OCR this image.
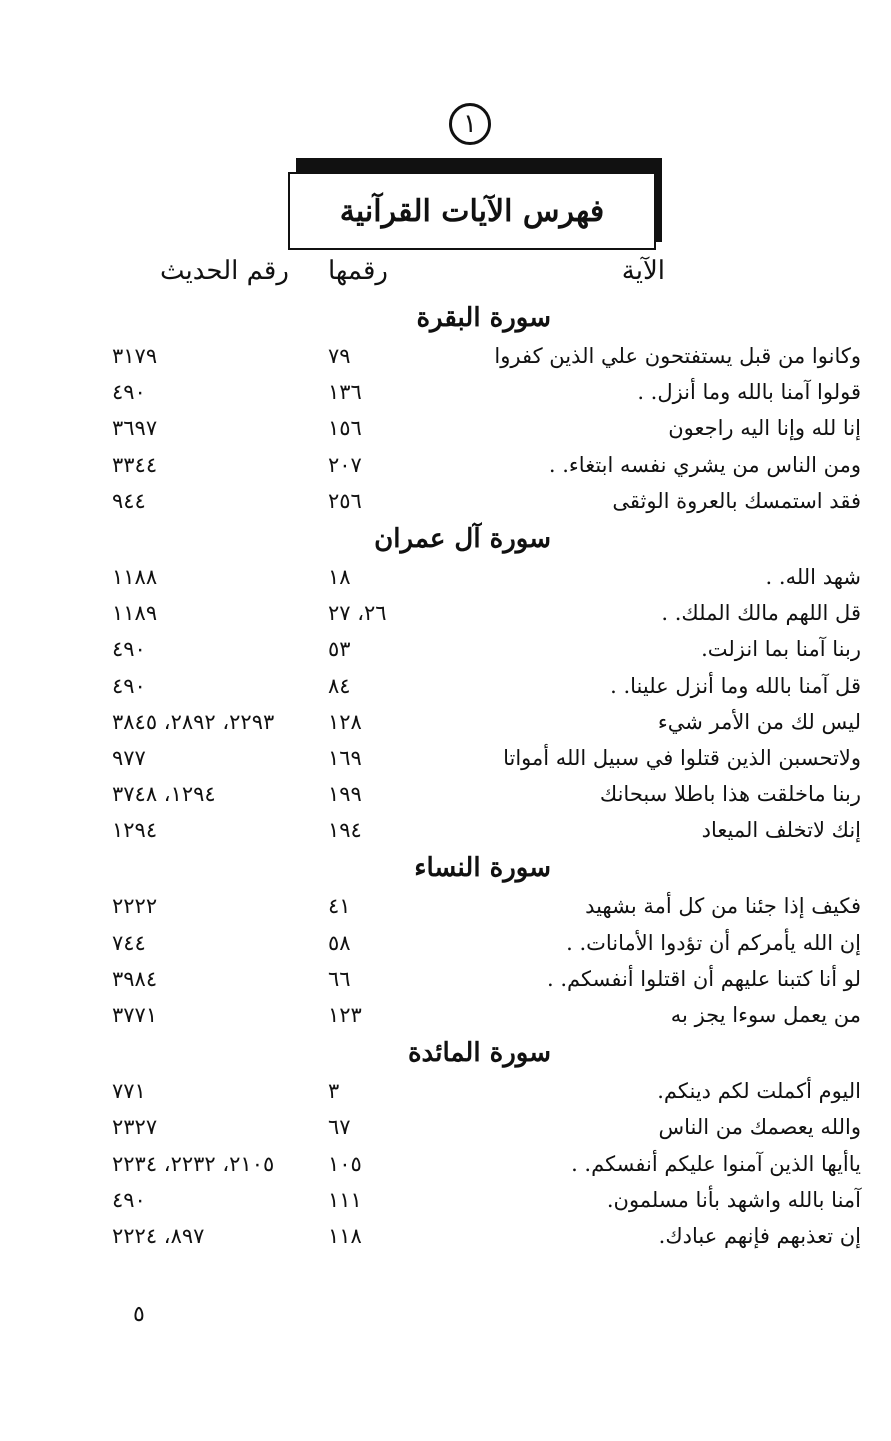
١
فهرس الآيات القرآنية
الآية
رقمها
رقم الحديث
سورة البقرة
وكانوا من قبل يستفتحون علي الذين كفروا
٧٩
٣١٧٩
قولوا آمنا بالله وما أنزل. .
١٣٦
٤٩٠
إنا لله وإنا اليه راجعون
١٥٦
٣٦٩٧
ومن الناس من يشري نفسه ابتغاء. .
٢٠٧
٣٣٤٤
فقد استمسك بالعروة الوثقى
٢٥٦
٩٤٤
سورة آل عمران
شهد الله. .
١٨
١١٨٨
قل اللهم مالك الملك. .
٢٦، ٢٧
١١٨٩
ربنا آمنا بما انزلت.
٥٣
٤٩٠
قل آمنا بالله وما أنزل علينا. .
٨٤
٤٩٠
ليس لك من الأمر شيء
١٢٨
٢٢٩٣، ٢٨٩٢، ٣٨٤٥
ولاتحسبن الذين قتلوا في سبيل الله أمواتا
١٦٩
٩٧٧
ربنا ماخلقت هذا باطلا سبحانك
١٩٩
١٢٩٤، ٣٧٤٨
إنك لاتخلف الميعاد
١٩٤
١٢٩٤
سورة النساء
فكيف إذا جئنا من كل أمة بشهيد
٤١
٢٢٢٢
إن الله يأمركم أن تؤدوا الأمانات. .
٥٨
٧٤٤
لو أنا كتبنا عليهم أن اقتلوا أنفسكم. .
٦٦
٣٩٨٤
من يعمل سوءا يجز به
١٢٣
٣٧٧١
سورة المائدة
اليوم أكملت لكم دينكم.
٣
٧٧١
والله يعصمك من الناس
٦٧
٢٣٢٧
ياأيها الذين آمنوا عليكم أنفسكم. .
١٠٥
٢١٠٥، ٢٢٣٢، ٢٢٣٤
آمنا بالله واشهد بأنا مسلمون.
١١١
٤٩٠
إن تعذبهم فإنهم عبادك.
١١٨
٨٩٧، ٢٢٢٤
٥
